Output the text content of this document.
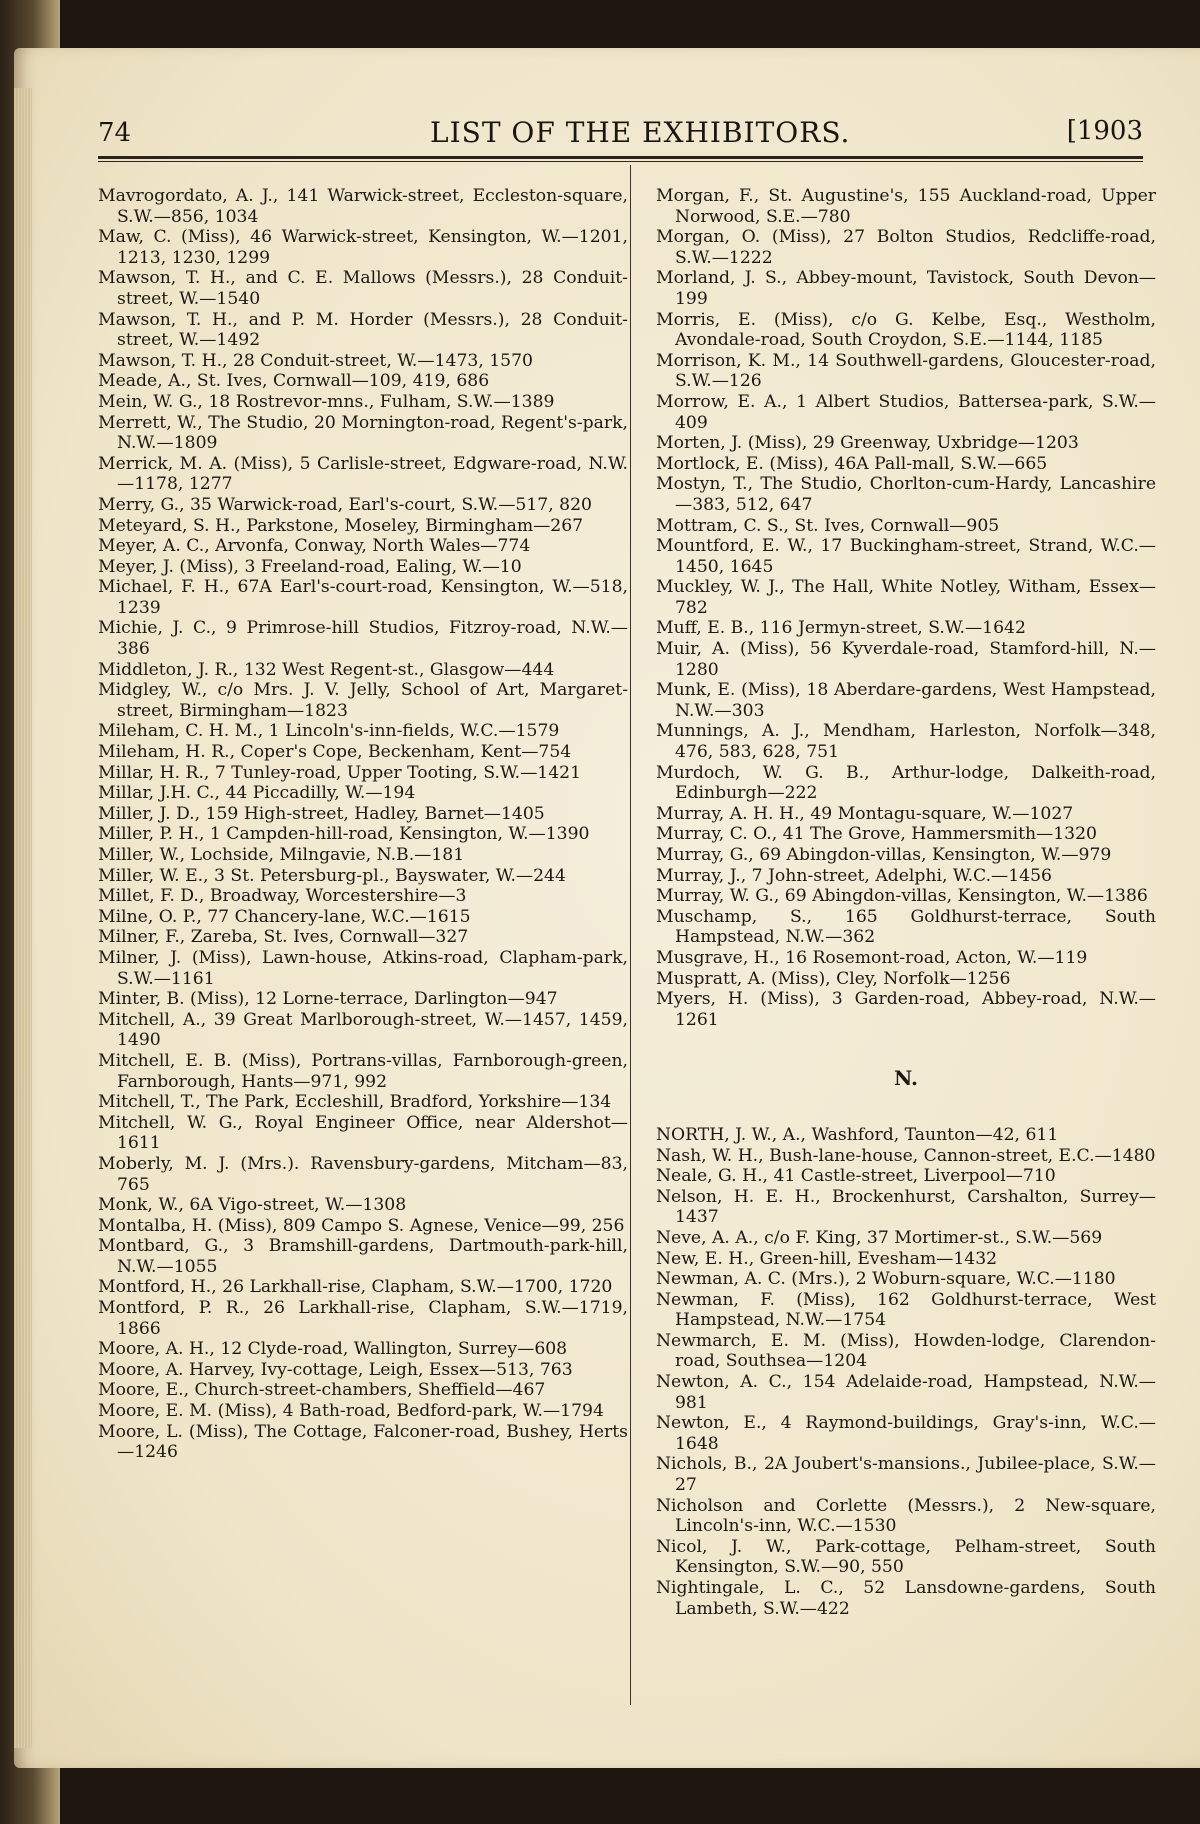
74	LIST OF THE EXHIBITORS.	[1903

Mavrogordato, A. J., 141 Warwick-street, Eccleston-square, S.W.—856, 1034

Maw, C. (Miss), 46 Warwick-street, Kensington, W.—1201, 1213, 1230, 1299

Mawson, T. H., and C. E. Mallows (Messrs.), 28 Conduit-street, W.—1540

Mawson, T. H., and P. M. Horder (Messrs.), 28 Conduit-street, W.—1492

Mawson, T. H., 28 Conduit-street, W.—1473, 1570

Meade, A., St. Ives, Cornwall—109, 419, 686

Mein, W. G., 18 Rostrevor-mns., Fulham, S.W.—1389

Merrett, W., The Studio, 20 Mornington-road, Regent's-park, N.W.—1809

Merrick, M. A. (Miss), 5 Carlisle-street, Edgware-road, N.W.—1178, 1277

Merry, G., 35 Warwick-road, Earl's-court, S.W.—517, 820

Meteyard, S. H., Parkstone, Moseley, Birmingham—267

Meyer, A. C., Arvonfa, Conway, North Wales—774

Meyer, J. (Miss), 3 Freeland-road, Ealing, W.—10

Michael, F. H., 67A Earl's-court-road, Kensington, W.—518, 1239

Michie, J. C., 9 Primrose-hill Studios, Fitzroy-road, N.W.—386

Middleton, J. R., 132 West Regent-st., Glasgow—444

Midgley, W., c/o Mrs. J. V. Jelly, School of Art, Margaret-street, Birmingham—1823

Mileham, C. H. M., 1 Lincoln's-inn-fields, W.C.—1579

Mileham, H. R., Coper's Cope, Beckenham, Kent—754

Millar, H. R., 7 Tunley-road, Upper Tooting, S.W.—1421

Millar, J.H. C., 44 Piccadilly, W.—194

Miller, J. D., 159 High-street, Hadley, Barnet—1405

Miller, P. H., 1 Campden-hill-road, Kensington, W.—1390

Miller, W., Lochside, Milngavie, N.B.—181

Miller, W. E., 3 St. Petersburg-pl., Bayswater, W.—244

Millet, F. D., Broadway, Worcestershire—3

Milne, O. P., 77 Chancery-lane, W.C.—1615

Milner, F., Zareba, St. Ives, Cornwall—327

Milner, J. (Miss), Lawn-house, Atkins-road, Clapham-park, S.W.—1161

Minter, B. (Miss), 12 Lorne-terrace, Darlington—947

Mitchell, A., 39 Great Marlborough-street, W.—1457, 1459, 1490

Mitchell, E. B. (Miss), Portrans-villas, Farnborough-green, Farnborough, Hants—971, 992

Mitchell, T., The Park, Eccleshill, Bradford, Yorkshire—134

Mitchell, W. G., Royal Engineer Office, near Aldershot—1611

Moberly, M. J. (Mrs.). Ravensbury-gardens, Mitcham—83, 765

Monk, W., 6A Vigo-street, W.—1308

Montalba, H. (Miss), 809 Campo S. Agnese, Venice—99, 256

Montbard, G., 3 Bramshill-gardens, Dartmouth-park-hill, N.W.—1055

Montford, H., 26 Larkhall-rise, Clapham, S.W.—1700, 1720

Montford, P. R., 26 Larkhall-rise, Clapham, S.W.—1719, 1866

Moore, A. H., 12 Clyde-road, Wallington, Surrey—608

Moore, A. Harvey, Ivy-cottage, Leigh, Essex—513, 763

Moore, E., Church-street-chambers, Sheffield—467

Moore, E. M. (Miss), 4 Bath-road, Bedford-park, W.—1794

Moore, L. (Miss), The Cottage, Falconer-road, Bushey, Herts—1246

Morgan, F., St. Augustine's, 155 Auckland-road, Upper Norwood, S.E.—780

Morgan, O. (Miss), 27 Bolton Studios, Redcliffe-road, S.W.—1222

Morland, J. S., Abbey-mount, Tavistock, South Devon—199

Morris, E. (Miss), c/o G. Kelbe, Esq., Westholm, Avondale-road, South Croydon, S.E.—1144, 1185

Morrison, K. M., 14 Southwell-gardens, Gloucester-road, S.W.—126

Morrow, E. A., 1 Albert Studios, Battersea-park, S.W.—409

Morten, J. (Miss), 29 Greenway, Uxbridge—1203

Mortlock, E. (Miss), 46A Pall-mall, S.W.—665

Mostyn, T., The Studio, Chorlton-cum-Hardy, Lancashire—383, 512, 647

Mottram, C. S., St. Ives, Cornwall—905

Mountford, E. W., 17 Buckingham-street, Strand, W.C.—1450, 1645

Muckley, W. J., The Hall, White Notley, Witham, Essex—782

Muff, E. B., 116 Jermyn-street, S.W.—1642

Muir, A. (Miss), 56 Kyverdale-road, Stamford-hill, N.—1280

Munk, E. (Miss), 18 Aberdare-gardens, West Hampstead, N.W.—303

Munnings, A. J., Mendham, Harleston, Norfolk—348, 476, 583, 628, 751

Murdoch, W. G. B., Arthur-lodge, Dalkeith-road, Edinburgh—222

Murray, A. H. H., 49 Montagu-square, W.—1027

Murray, C. O., 41 The Grove, Hammersmith—1320

Murray, G., 69 Abingdon-villas, Kensington, W.—979

Murray, J., 7 John-street, Adelphi, W.C.—1456

Murray, W. G., 69 Abingdon-villas, Kensington, W.—1386

Muschamp, S., 165 Goldhurst-terrace, South Hampstead, N.W.—362

Musgrave, H., 16 Rosemont-road, Acton, W.—119

Muspratt, A. (Miss), Cley, Norfolk—1256

Myers, H. (Miss), 3 Garden-road, Abbey-road, N.W.—1261

N.

NORTH, J. W., A., Washford, Taunton—42, 611

Nash, W. H., Bush-lane-house, Cannon-street, E.C.—1480

Neale, G. H., 41 Castle-street, Liverpool—710

Nelson, H. E. H., Brockenhurst, Carshalton, Surrey—1437

Neve, A. A., c/o F. King, 37 Mortimer-st., S.W.—569

New, E. H., Green-hill, Evesham—1432

Newman, A. C. (Mrs.), 2 Woburn-square, W.C.—1180

Newman, F. (Miss), 162 Goldhurst-terrace, West Hampstead, N.W.—1754

Newmarch, E. M. (Miss), Howden-lodge, Clarendon-road, Southsea—1204

Newton, A. C., 154 Adelaide-road, Hampstead, N.W.—981

Newton, E., 4 Raymond-buildings, Gray's-inn, W.C.—1648

Nichols, B., 2A Joubert's-mansions., Jubilee-place, S.W.—27

Nicholson and Corlette (Messrs.), 2 New-square, Lincoln's-inn, W.C.—1530

Nicol, J. W., Park-cottage, Pelham-street, South Kensington, S.W.—90, 550

Nightingale, L. C., 52 Lansdowne-gardens, South Lambeth, S.W.—422
